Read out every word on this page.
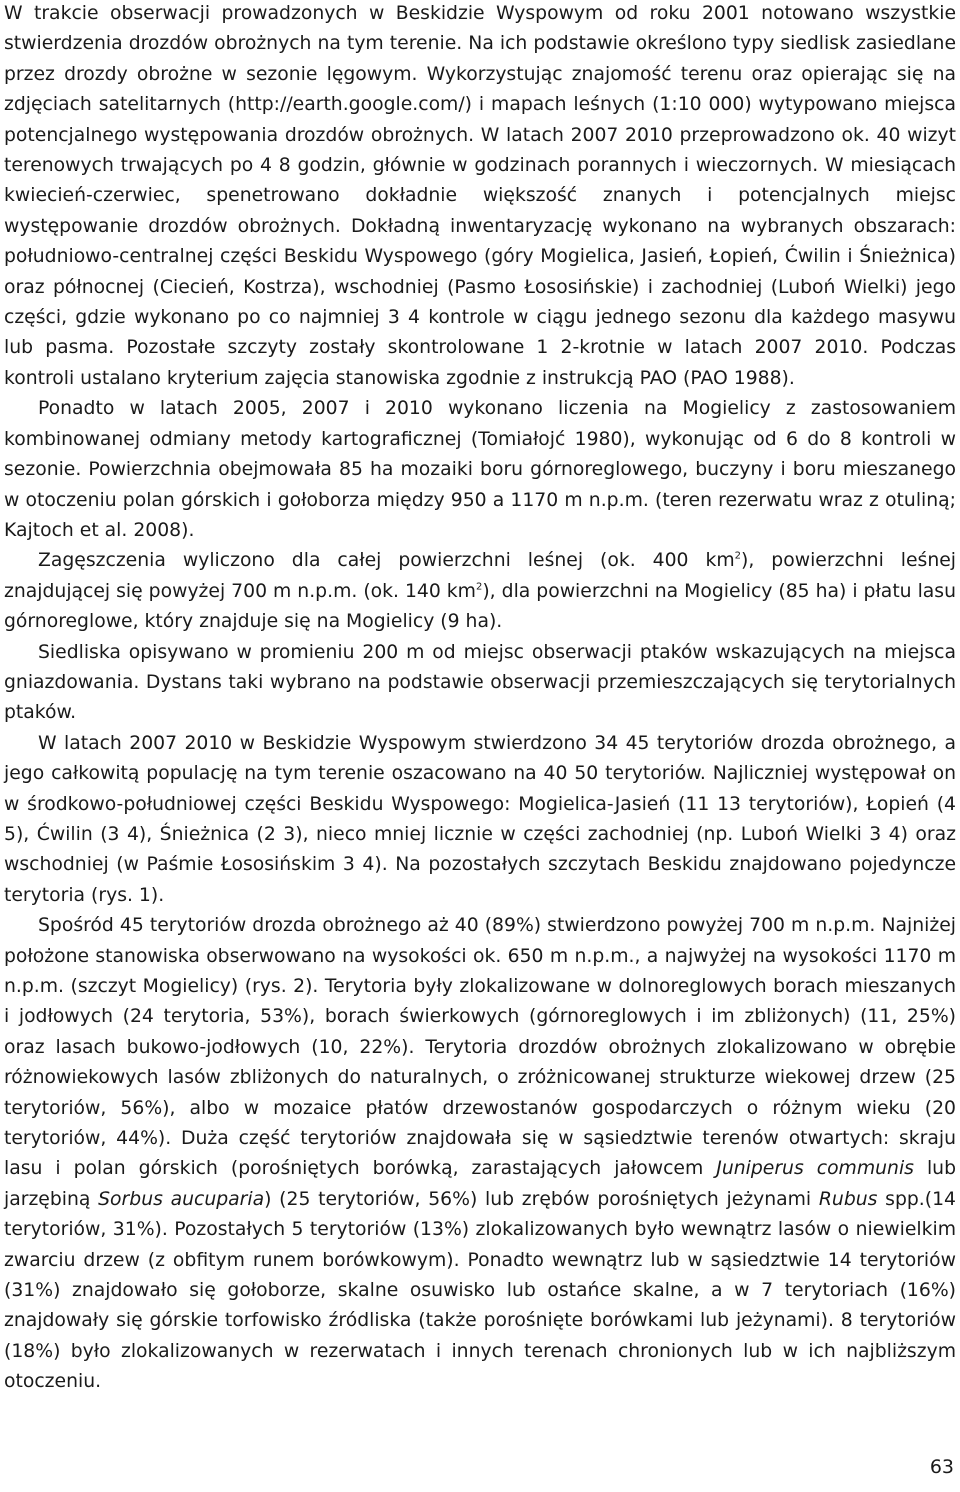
W trakcie obserwacji prowadzonych w Beskidzie Wyspowym od roku 2001 notowano wszystkie stwierdzenia drozdów obrożnych na tym terenie. Na ich podstawie określono typy siedlisk zasiedlane przez drozdy obrożne w sezonie lęgowym. Wykorzystując znajomość terenu oraz opierając się na zdjęciach satelitarnych (http://earth.google.com/) i mapach leśnych (1:10 000) wytypowano miejsca potencjalnego występowania drozdów obrożnych. W latach 2007 2010 przeprowadzono ok. 40 wizyt terenowych trwających po 4 8 godzin, głównie w godzinach porannych i wieczornych. W miesiącach kwiecień-czerwiec, spenetrowano dokładnie większość znanych i potencjalnych miejsc występowanie drozdów obrożnych. Dokładną inwentaryzację wykonano na wybranych obszarach: południowo-centralnej części Beskidu Wyspowego (góry Mogielica, Jasień, Łopień, Ćwilin i Śnieżnica) oraz północnej (Ciecień, Kostrza), wschodniej (Pasmo Łososińskie) i zachodniej (Luboń Wielki) jego części, gdzie wykonano po co najmniej 3 4 kontrole w ciągu jednego sezonu dla każdego masywu lub pasma. Pozostałe szczyty zostały skontrolowane 1 2-krotnie w latach 2007 2010. Podczas kontroli ustalano kryterium zajęcia stanowiska zgodnie z instrukcją PAO (PAO 1988).

Ponadto w latach 2005, 2007 i 2010 wykonano liczenia na Mogielicy z zastosowaniem kombinowanej odmiany metody kartograficznej (Tomiałojć 1980), wykonując od 6 do 8 kontroli w sezonie. Powierzchnia obejmowała 85 ha mozaiki boru górnoreglowego, buczyny i boru mieszanego w otoczeniu polan górskich i gołoborza między 950 a 1170 m n.p.m. (teren rezerwatu wraz z otuliną; Kajtoch et al. 2008).

Zagęszczenia wyliczono dla całej powierzchni leśnej (ok. 400 $km^2$), powierzchni leśnej znajdującej się powyżej 700 m n.p.m. (ok. 140 $km^2$), dla powierzchni na Mogielicy (85 ha) i płatu lasu górnoreglowe, który znajduje się na Mogielicy (9 ha).

Siedliska opisywano w promieniu 200 m od miejsc obserwacji ptaków wskazujących na miejsca gniazdowania. Dystans taki wybrano na podstawie obserwacji przemieszczających się terytorialnych ptaków.

W latach 2007 2010 w Beskidzie Wyspowym stwierdzono 34 45 terytoriów drozda obrożnego, a jego całkowitą populację na tym terenie oszacowano na 40 50 terytoriów. Najliczniej występował on w środkowo-południowej części Beskidu Wyspowego: Mogielica-Jasień (11 13 terytoriów), Łopień (4 5), Ćwilin (3 4), Śnieżnica (2 3), nieco mniej licznie w części zachodniej (np. Luboń Wielki 3 4) oraz wschodniej (w Paśmie Łososińskim 3 4). Na pozostałych szczytach Beskidu znajdowano pojedyncze terytoria (rys. 1).

Spośród 45 terytoriów drozda obrożnego aż 40 (89%) stwierdzono powyżej 700 m n.p.m. Najniżej położone stanowiska obserwowano na wysokości ok. 650 m n.p.m., a najwyżej na wysokości 1170 m n.p.m. (szczyt Mogielicy) (rys. 2). Terytoria były zlokalizowane w dolnoreglowych borach mieszanych i jodłowych (24 terytoria, 53%), borach świerkowych (górnoreglowych i im zbliżonych) (11, 25%) oraz lasach bukowo-jodłowych (10, 22%). Terytoria drozdów obrożnych zlokalizowano w obrębie różnowiekowych lasów zbliżonych do naturalnych, o zróżnicowanej strukturze wiekowej drzew (25 terytoriów, 56%), albo w mozaice płatów drzewostanów gospodarczych o różnym wieku (20 terytoriów, 44%). Duża część terytoriów znajdowała się w sąsiedztwie terenów otwartych: skraju lasu i polan górskich (porośniętych borówką, zarastających jałowcem Juniperus communis lub jarzębiną Sorbus aucuparia) (25 terytoriów, 56%) lub zrębów porośniętych jeżynami Rubus spp.(14 terytoriów, 31%). Pozostałych 5 terytoriów (13%) zlokalizowanych było wewnątrz lasów o niewielkim zwarciu drzew (z obfitym runem borówkowym). Ponadto wewnątrz lub w sąsiedztwie 14 terytoriów (31%) znajdowało się gołoborze, skalne osuwisko lub ostańce skalne, a w 7 terytoriach (16%) znajdowały się górskie torfowisko źródliska (także porośnięte borówkami lub jeżynami). 8 terytoriów (18%) było zlokalizowanych w rezerwatach i innych terenach chronionych lub w ich najbliższym otoczeniu.

63
